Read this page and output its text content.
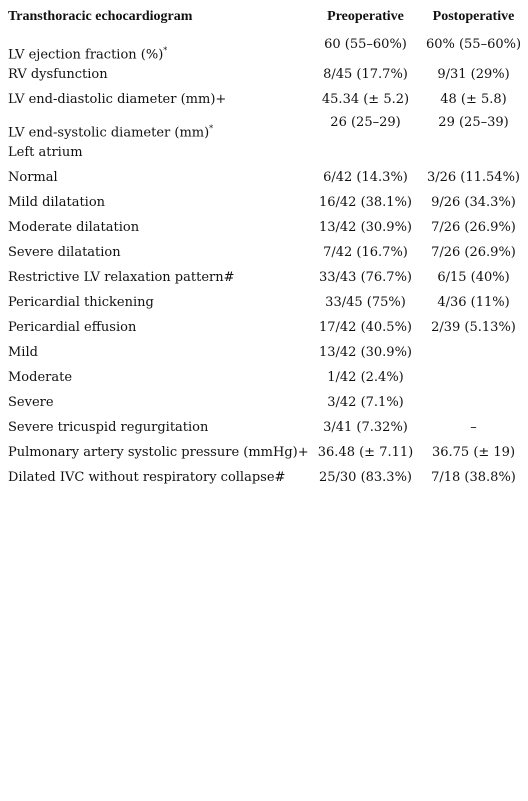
Transthoracic echocardiogram	Preoperative	Postoperative
LV ejection fraction (%)*	60 (55–60%)	60% (55–60%)
RV dysfunction	8/45 (17.7%)	9/31 (29%)
LV end-diastolic diameter (mm)+	45.34 (± 5.2)	48 (± 5.8)
LV end-systolic diameter (mm)*	26 (25–29)	29 (25–39)
Left atrium		
Normal	6/42 (14.3%)	3/26 (11.54%)
Mild dilatation	16/42 (38.1%)	9/26 (34.3%)
Moderate dilatation	13/42 (30.9%)	7/26 (26.9%)
Severe dilatation	7/42 (16.7%)	7/26 (26.9%)
Restrictive LV relaxation pattern#	33/43 (76.7%)	6/15 (40%)
Pericardial thickening	33/45 (75%)	4/36 (11%)
Pericardial effusion	17/42 (40.5%)	2/39 (5.13%)
Mild	13/42 (30.9%)	
Moderate	1/42 (2.4%)	
Severe	3/42 (7.1%)	
Severe tricuspid regurgitation	3/41 (7.32%)	–
Pulmonary artery systolic pressure (mmHg)+	36.48 (± 7.11)	36.75 (± 19)
Dilated IVC without respiratory collapse#	25/30 (83.3%)	7/18 (38.8%)
